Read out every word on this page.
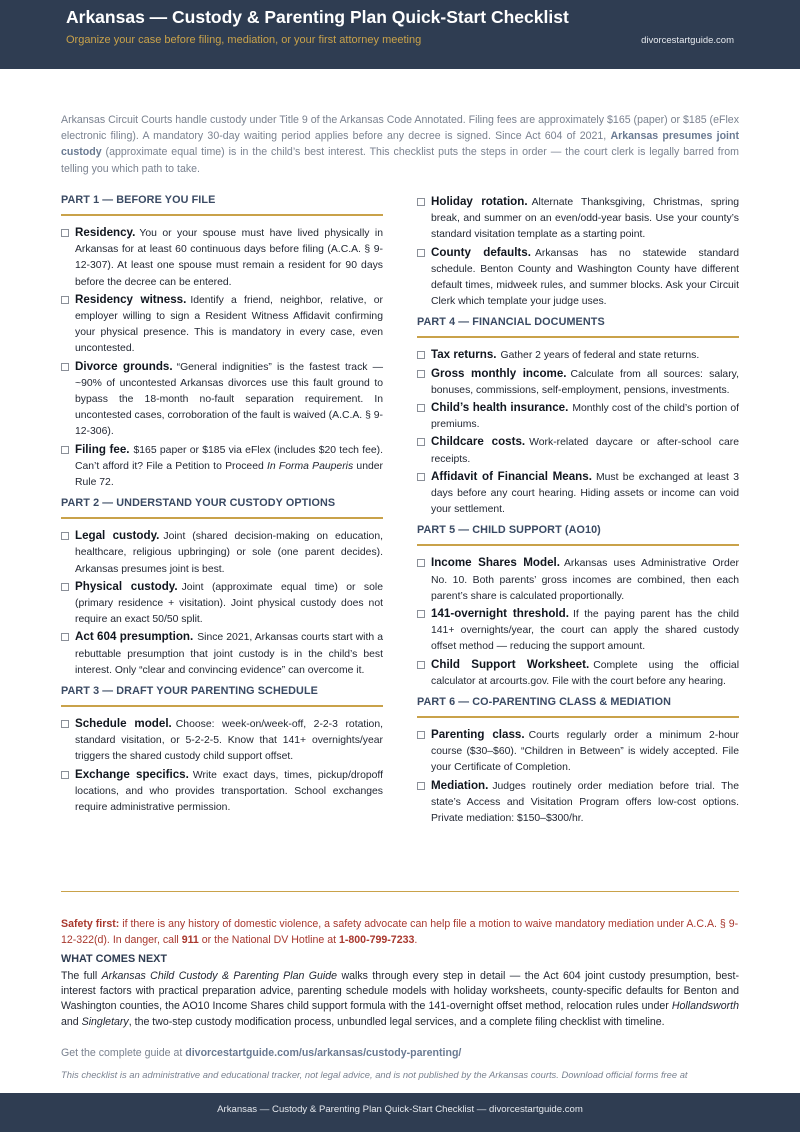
Arkansas — Custody & Parenting Plan Quick-Start Checklist
Organize your case before filing, mediation, or your first attorney meeting	divorcestartguide.com
Arkansas Circuit Courts handle custody under Title 9 of the Arkansas Code Annotated. Filing fees are approximately $165 (paper) or $185 (eFlex electronic filing). A mandatory 30-day waiting period applies before any decree is signed. Since Act 604 of 2021, Arkansas presumes joint custody (approximate equal time) is in the child’s best interest. This checklist puts the steps in order — the court clerk is legally barred from telling you which path to take.
PART 1 — BEFORE YOU FILE
Residency. You or your spouse must have lived physically in Arkansas for at least 60 continuous days before filing (A.C.A. § 9-12-307). At least one spouse must remain a resident for 90 days before the decree can be entered.
Residency witness. Identify a friend, neighbor, relative, or employer willing to sign a Resident Witness Affidavit confirming your physical presence. This is mandatory in every case, even uncontested.
Divorce grounds. “General indignities” is the fastest track — ~90% of uncontested Arkansas divorces use this fault ground to bypass the 18-month no-fault separation requirement. In uncontested cases, corroboration of the fault is waived (A.C.A. § 9-12-306).
Filing fee. $165 paper or $185 via eFlex (includes $20 tech fee). Can’t afford it? File a Petition to Proceed In Forma Pauperis under Rule 72.
PART 2 — UNDERSTAND YOUR CUSTODY OPTIONS
Legal custody. Joint (shared decision-making on education, healthcare, religious upbringing) or sole (one parent decides). Arkansas presumes joint is best.
Physical custody. Joint (approximate equal time) or sole (primary residence + visitation). Joint physical custody does not require an exact 50/50 split.
Act 604 presumption. Since 2021, Arkansas courts start with a rebuttable presumption that joint custody is in the child’s best interest. Only “clear and convincing evidence” can overcome it.
PART 3 — DRAFT YOUR PARENTING SCHEDULE
Schedule model. Choose: week-on/week-off, 2-2-3 rotation, standard visitation, or 5-2-2-5. Know that 141+ overnights/year triggers the shared custody child support offset.
Exchange specifics. Write exact days, times, pickup/dropoff locations, and who provides transportation. School exchanges require administrative permission.
Holiday rotation. Alternate Thanksgiving, Christmas, spring break, and summer on an even/odd-year basis. Use your county’s standard visitation template as a starting point.
County defaults. Arkansas has no statewide standard schedule. Benton County and Washington County have different default times, midweek rules, and summer blocks. Ask your Circuit Clerk which template your judge uses.
PART 4 — FINANCIAL DOCUMENTS
Tax returns. Gather 2 years of federal and state returns.
Gross monthly income. Calculate from all sources: salary, bonuses, commissions, self-employment, pensions, investments.
Child’s health insurance. Monthly cost of the child’s portion of premiums.
Childcare costs. Work-related daycare or after-school care receipts.
Affidavit of Financial Means. Must be exchanged at least 3 days before any court hearing. Hiding assets or income can void your settlement.
PART 5 — CHILD SUPPORT (AO10)
Income Shares Model. Arkansas uses Administrative Order No. 10. Both parents’ gross incomes are combined, then each parent’s share is calculated proportionally.
141-overnight threshold. If the paying parent has the child 141+ overnights/year, the court can apply the shared custody offset method — reducing the support amount.
Child Support Worksheet. Complete using the official calculator at arcourts.gov. File with the court before any hearing.
PART 6 — CO-PARENTING CLASS & MEDIATION
Parenting class. Courts regularly order a minimum 2-hour course ($30–$60). “Children in Between” is widely accepted. File your Certificate of Completion.
Mediation. Judges routinely order mediation before trial. The state’s Access and Visitation Program offers low-cost options. Private mediation: $150–$300/hr.
Safety first: if there is any history of domestic violence, a safety advocate can help file a motion to waive mandatory mediation under A.C.A. § 9-12-322(d). In danger, call 911 or the National DV Hotline at 1-800-799-7233.
WHAT COMES NEXT
The full Arkansas Child Custody & Parenting Plan Guide walks through every step in detail — the Act 604 joint custody presumption, best-interest factors with practical preparation advice, parenting schedule models with holiday worksheets, county-specific defaults for Benton and Washington counties, the AO10 Income Shares child support formula with the 141-overnight offset method, relocation rules under Hollandsworth and Singletary, the two-step custody modification process, unbundled legal services, and a complete filing checklist with timeline.
Get the complete guide at divorcestartguide.com/us/arkansas/custody-parenting/
This checklist is an administrative and educational tracker, not legal advice, and is not published by the Arkansas courts. Download official forms free at
Arkansas — Custody & Parenting Plan Quick-Start Checklist — divorcestartguide.com
